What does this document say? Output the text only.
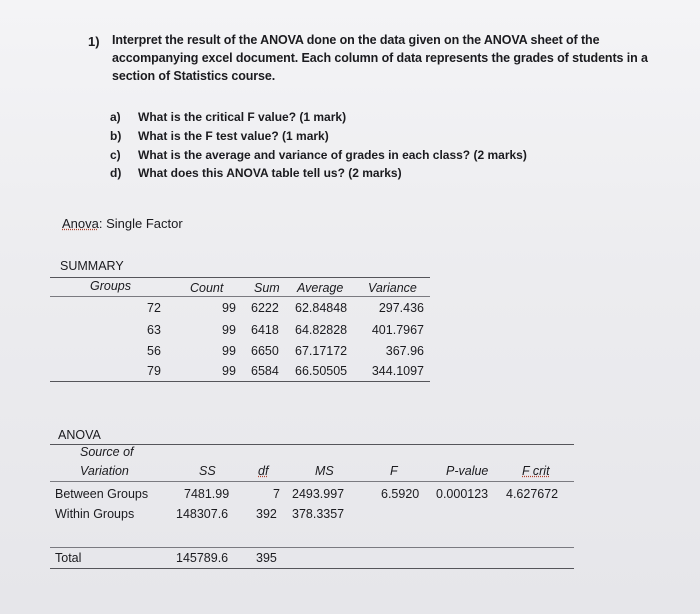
1) Interpret the result of the ANOVA done on the data given on the ANOVA sheet of the
accompanying excel document. Each column of data represents the grades of students in a
section of Statistics course.
a) What is the critical F value? (1 mark)
b) What is the F test value? (1 mark)
c) What is the average and variance of grades in each class? (2 marks)
d) What does this ANOVA table tell us? (2 marks)
Anova: Single Factor
SUMMARY
Groups	Count Sum Average Variance
72	99 6222 62.84848	297.436
63	99 6418 64.82828	401.7967
56	99 6650 67.17172	367.96
79	99 6584 66.50505	344.1097
ANOVA
Source of
Variation	SS	df	MS	F	P-value	F crit
Between Groups	7481.99	7 2493.997	6.5920 0.000123 4.627672
Within Groups	148307.6 392 378.3357
Total	145789.6 395
